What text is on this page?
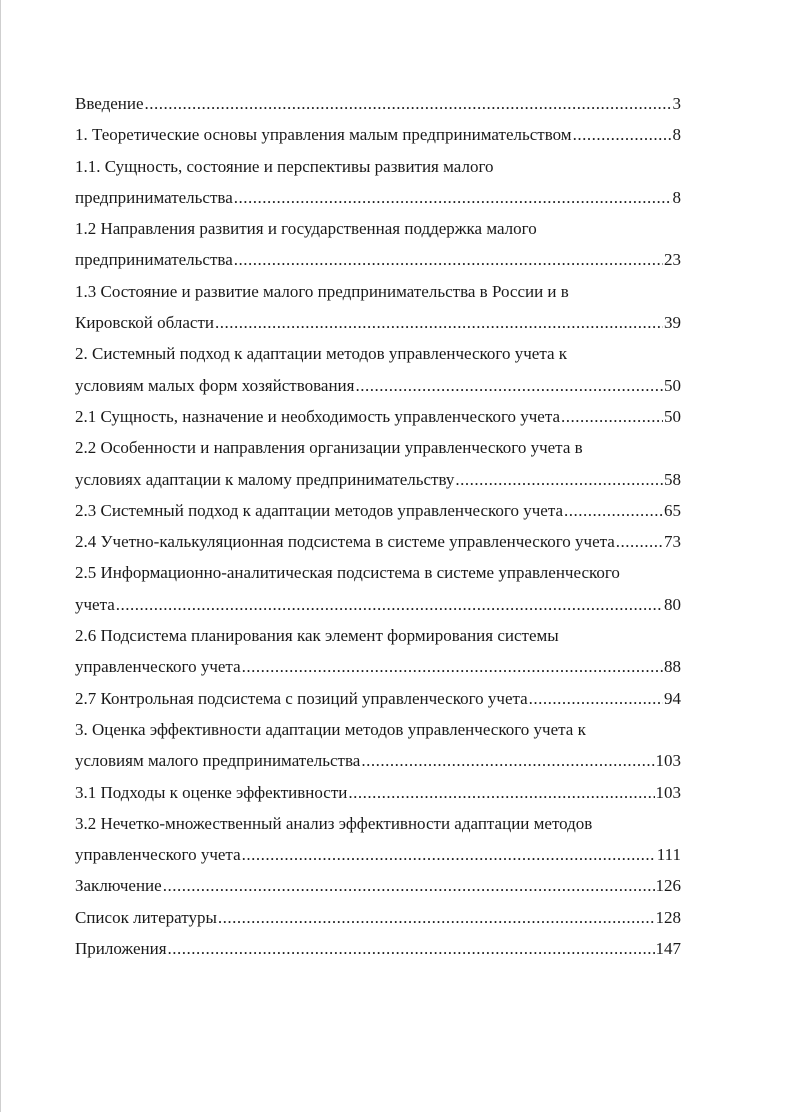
Введение .....	3
1. Теоретические основы управления малым предпринимательством .....	8
1.1. Сущность, состояние и перспективы развития малого
предпринимательства .....	8
1.2 Направления развития и государственная поддержка малого
предпринимательства .....	23
1.3 Состояние и развитие малого предпринимательства в России и в
Кировской области .....	39
2. Системный подход к адаптации методов управленческого учета к
условиям малых форм хозяйствования .....	50
2.1 Сущность, назначение и необходимость управленческого учета .....	50
2.2 Особенности и направления организации управленческого учета в
условиях адаптации к малому предпринимательству .....	58
2.3 Системный подход к адаптации методов управленческого учета .....	65
2.4 Учетно-калькуляционная подсистема в системе управленческого учета .....	73
2.5 Информационно-аналитическая подсистема в системе управленческого
учета .....	80
2.6 Подсистема планирования как элемент формирования системы
управленческого учета .....	88
2.7 Контрольная подсистема с позиций управленческого учета .....	94
3. Оценка эффективности адаптации методов управленческого учета к
условиям малого предпринимательства .....	103
3.1 Подходы к оценке эффективности .....	103
3.2 Нечетко-множественный анализ эффективности адаптации методов
управленческого учета .....	111
Заключение .....	126
Список литературы .....	128
Приложения .....	147
